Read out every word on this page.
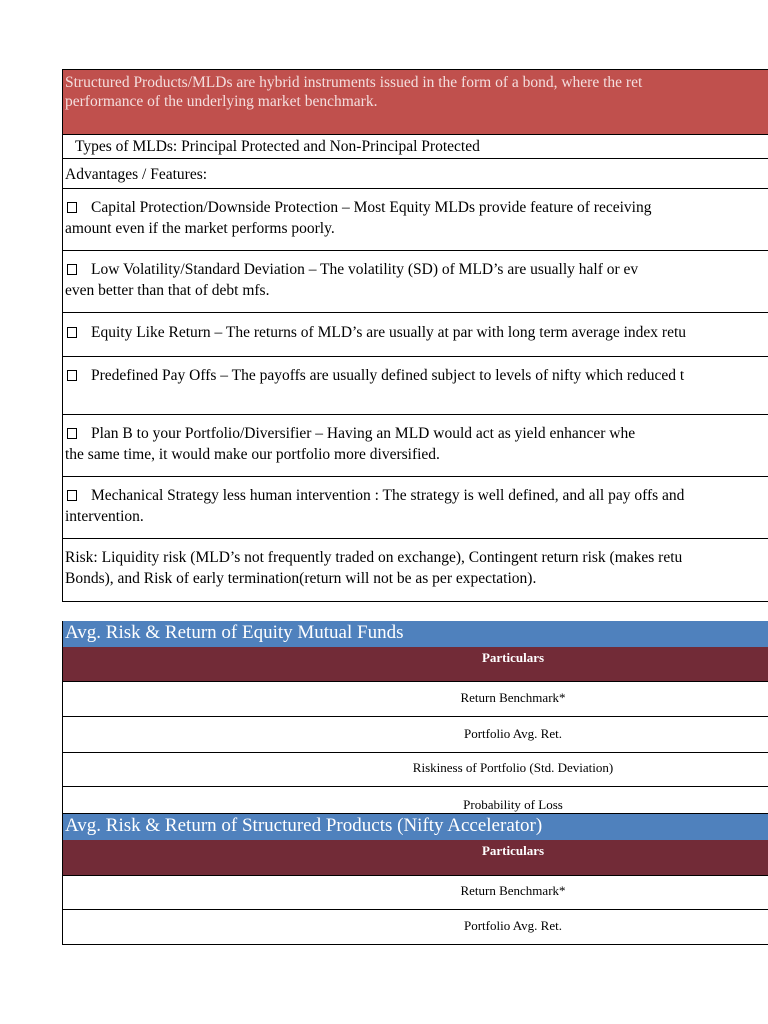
Structured Products/MLDs are hybrid instruments issued in the form of a bond, where the ret
performance of the underlying market benchmark.
Types of MLDs: Principal Protected and Non-Principal Protected
Advantages / Features:
Capital Protection/Downside Protection – Most Equity MLDs provide feature of receiving
amount even if the market performs poorly.
Low Volatility/Standard Deviation – The volatility (SD) of MLD’s are usually half or ev
even better than that of debt mfs.
Equity Like Return – The returns of MLD’s are usually at par with long term average index retu
Predefined Pay Offs – The payoffs are usually defined subject to levels of nifty which reduced t
Plan B to your Portfolio/Diversifier – Having an MLD would act as yield enhancer whe
the same time, it would make our portfolio more diversified.
Mechanical Strategy less human intervention : The strategy is well defined, and all pay offs and
intervention.
Risk: Liquidity risk (MLD’s not frequently traded on exchange), Contingent return risk (makes retu
Bonds), and Risk of early termination(return will not be as per expectation).
Avg. Risk & Return of Equity Mutual Funds
Particulars
Return Benchmark*
Portfolio Avg. Ret.
Riskiness of Portfolio (Std. Deviation)
Probability of Loss
Avg. Risk & Return of Structured Products (Nifty Accelerator)
Particulars
Return Benchmark*
Portfolio Avg. Ret.
